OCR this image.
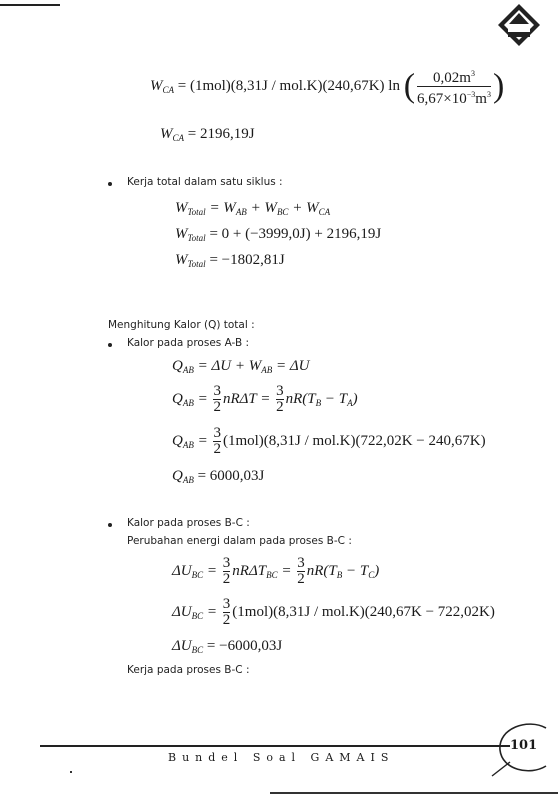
$W_{CA} = (1mol)(8,31J / mol.K)(240,67K)$ ln ( $\frac{0,02m^3}{6,67\times 10^{-3}m^3}$ )
$W_{CA} = 2196,19J$
Kerja total dalam satu siklus :
$W_{Total} = W_{AB} + W_{BC} + W_{CA}$
$W_{Total} = 0 + (-3999,0J) + 2196,19J$
$W_{Total} = -1802,81J$
Menghitung Kalor (Q) total :
Kalor pada proses A-B :
$Q_{AB} = \Delta U + W_{AB} = \Delta U$
$Q_{AB} = \frac{3}{2}$ $nR\Delta T = \frac{3}{2} nR(T_B - T_A)$
$Q_{AB} = \frac{3}{2} (1mol)(8,31J / mol.K)(722,02K - 240,67K)$
$Q_{AB} = 6000,03J$
Kalor pada proses B-C :
Perubahan energi dalam pada proses B-C :
$\Delta U_{BC} = \frac{3}{2} nR\Delta T_{BC} = \frac{3}{2} nR(T_B - T_C)$
$\Delta U_{BC} = \frac{3}{2} (1mol)(8,31J / mol.K)(240,67K - 722,02K)$
$\Delta U_{BC} = -6000,03J$
Kerja pada proses B-C :
Bundel Soal GAMAIS
101
